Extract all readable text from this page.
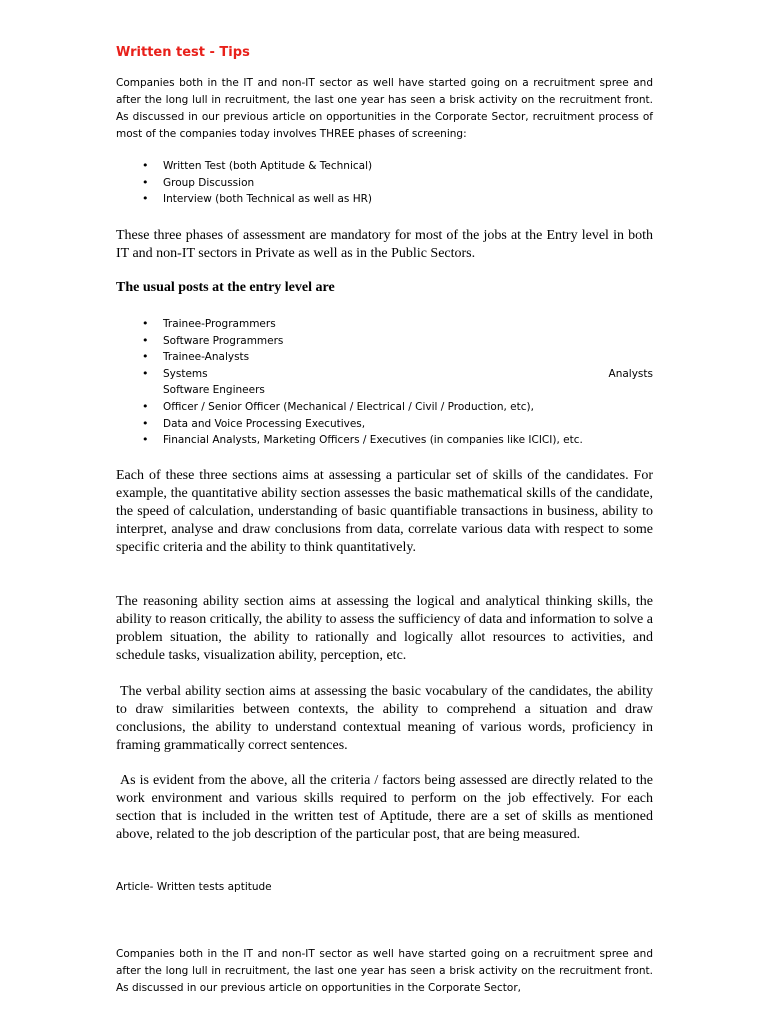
Written test - Tips

Companies both in the IT and non-IT sector as well have started going on a recruitment spree and after the long lull in recruitment, the last one year has seen a brisk activity on the recruitment front. As discussed in our previous article on opportunities in the Corporate Sector, recruitment process of most of the companies today involves THREE phases of screening:

• Written Test (both Aptitude & Technical)
• Group Discussion
• Interview (both Technical as well as HR)

These three phases of assessment are mandatory for most of the jobs at the Entry level in both IT and non-IT sectors in Private as well as in the Public Sectors.

The usual posts at the entry level are
• Trainee-Programmers
• Software Programmers
• Trainee-Analysts
• Systems	Analysts
Software Engineers
• Officer / Senior Officer (Mechanical / Electrical / Civil / Production, etc),
• Data and Voice Processing Executives,
• Financial Analysts, Marketing Officers / Executives (in companies like ICICI), etc.

Each of these three sections aims at assessing a particular set of skills of the candidates. For example, the quantitative ability section assesses the basic mathematical skills of the candidate, the speed of calculation, understanding of basic quantifiable transactions in business, ability to interpret, analyse and draw conclusions from data, correlate various data with respect to some specific criteria and the ability to think quantitatively.

The reasoning ability section aims at assessing the logical and analytical thinking skills, the ability to reason critically, the ability to assess the sufficiency of data and information to solve a problem situation, the ability to rationally and logically allot resources to activities, and schedule tasks, visualization ability, perception, etc.

The verbal ability section aims at assessing the basic vocabulary of the candidates, the ability to draw similarities between contexts, the ability to comprehend a situation and draw conclusions, the ability to understand contextual meaning of various words, proficiency in framing grammatically correct sentences.

As is evident from the above, all the criteria / factors being assessed are directly related to the work environment and various skills required to perform on the job effectively. For each section that is included in the written test of Aptitude, there are a set of skills as mentioned above, related to the job description of the particular post, that are being measured.

Article- Written tests aptitude

Companies both in the IT and non-IT sector as well have started going on a recruitment spree and after the long lull in recruitment, the last one year has seen a brisk activity on the recruitment front. As discussed in our previous article on opportunities in the Corporate Sector,
